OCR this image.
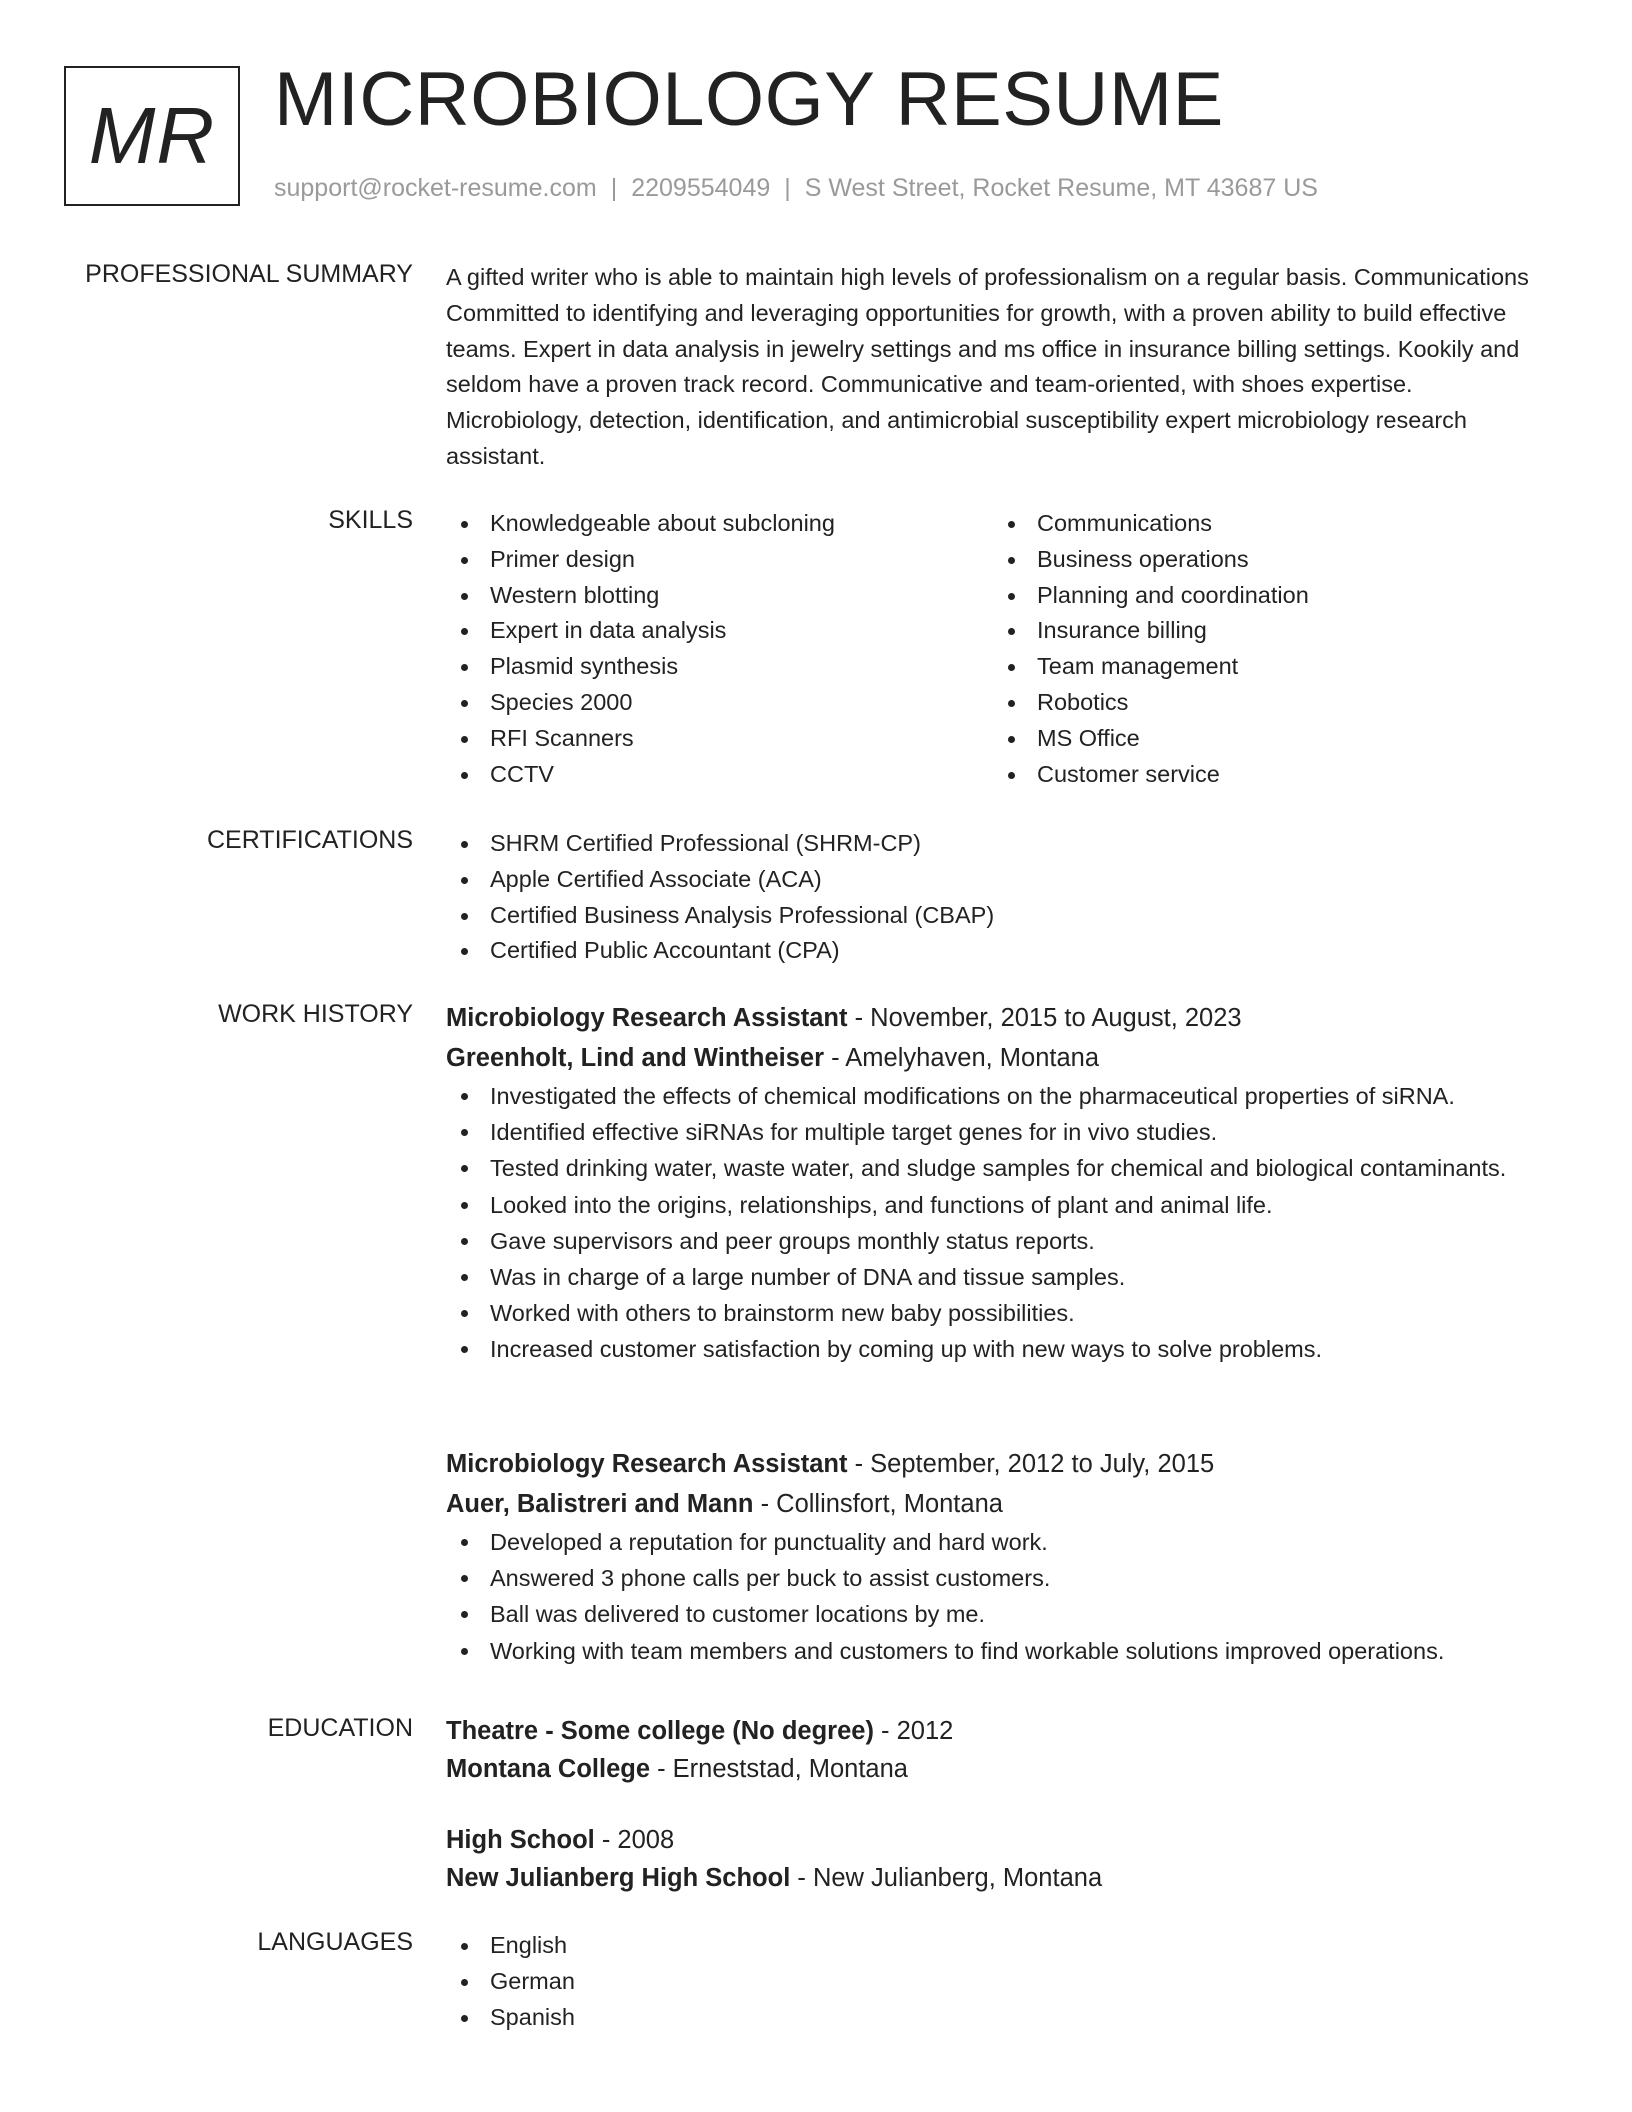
MR MICROBIOLOGY RESUME
support@rocket-resume.com | 2209554049 | S West Street, Rocket Resume, MT 43687 US
PROFESSIONAL SUMMARY A gifted writer who is able to maintain high levels of professionalism on a regular basis. Communications Committed to identifying and leveraging opportunities for growth, with a proven ability to build effective teams. Expert in data analysis in jewelry settings and ms office in insurance billing settings. Kookily and seldom have a proven track record. Communicative and team-oriented, with shoes expertise. Microbiology, detection, identification, and antimicrobial susceptibility expert microbiology research assistant.

SKILLS	Knowledgeable about subcloning
Primer design
Western blotting
Expert in data analysis
Plasmid synthesis
Species 2000
RFI Scanners
CCTV
Communications
Business operations
Planning and coordination
Insurance billing
Team management
Robotics
MS Office
Customer service
CERTIFICATIONS	SHRM Certified Professional (SHRM-CP)
Apple Certified Associate (ACA)
Certified Business Analysis Professional (CBAP)
Certified Public Accountant (CPA)
WORK HISTORY Microbiology Research Assistant - November, 2015 to August, 2023
Greenholt, Lind and Wintheiser - Amelyhaven, Montana
Investigated the effects of chemical modifications on the pharmaceutical properties of siRNA.
Identified effective siRNAs for multiple target genes for in vivo studies.
Tested drinking water, waste water, and sludge samples for chemical and biological contaminants.
Looked into the origins, relationships, and functions of plant and animal life.
Gave supervisors and peer groups monthly status reports.
Was in charge of a large number of DNA and tissue samples.
Worked with others to brainstorm new baby possibilities.
Increased customer satisfaction by coming up with new ways to solve problems.
Microbiology Research Assistant - September, 2012 to July, 2015
Auer, Balistreri and Mann - Collinsfort, Montana
Developed a reputation for punctuality and hard work.
Answered 3 phone calls per buck to assist customers.
Ball was delivered to customer locations by me.
Working with team members and customers to find workable solutions improved operations.
EDUCATION Theatre - Some college (No degree) - 2012
Montana College - Erneststad, Montana
High School - 2008
New Julianberg High School - New Julianberg, Montana
LANGUAGES	English
German
Spanish
